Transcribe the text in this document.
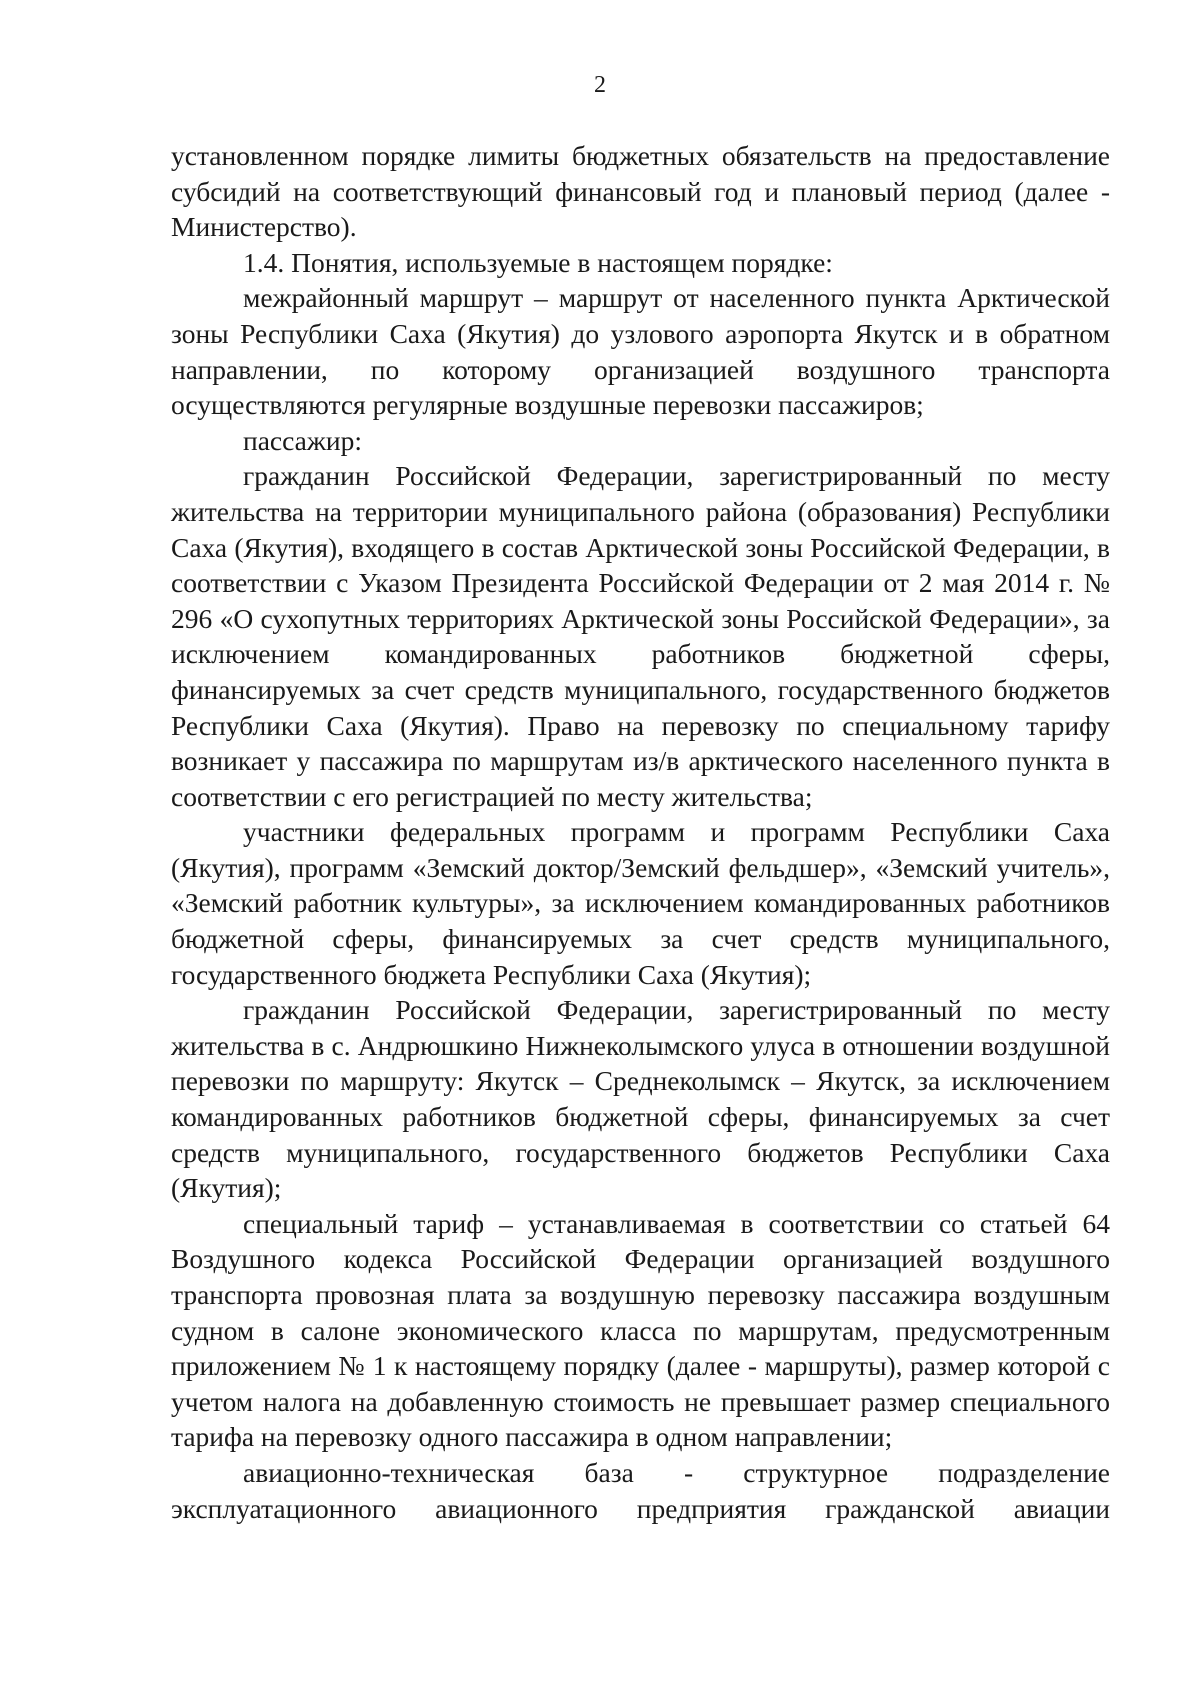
2

установленном порядке лимиты бюджетных обязательств на предоставление субсидий на соответствующий финансовый год и плановый период (далее - Министерство).

1.4. Понятия, используемые в настоящем порядке:

межрайонный маршрут – маршрут от населенного пункта Арктической зоны Республики Саха (Якутия) до узлового аэропорта Якутск и в обратном направлении, по которому организацией воздушного транспорта осуществляются регулярные воздушные перевозки пассажиров;

пассажир:

гражданин Российской Федерации, зарегистрированный по месту жительства на территории муниципального района (образования) Республики Саха (Якутия), входящего в состав Арктической зоны Российской Федерации, в соответствии с Указом Президента Российской Федерации от 2 мая 2014 г. № 296 «О сухопутных территориях Арктической зоны Российской Федерации», за исключением командированных работников бюджетной сферы, финансируемых за счет средств муниципального, государственного бюджетов Республики Саха (Якутия). Право на перевозку по специальному тарифу возникает у пассажира по маршрутам из/в арктического населенного пункта в соответствии с его регистрацией по месту жительства;

участники федеральных программ и программ Республики Саха (Якутия), программ «Земский доктор/Земский фельдшер», «Земский учитель», «Земский работник культуры», за исключением командированных работников бюджетной сферы, финансируемых за счет средств муниципального, государственного бюджета Республики Саха (Якутия);

гражданин Российской Федерации, зарегистрированный по месту жительства в с. Андрюшкино Нижнеколымского улуса в отношении воздушной перевозки по маршруту: Якутск – Среднеколымск – Якутск, за исключением командированных работников бюджетной сферы, финансируемых за счет средств муниципального, государственного бюджетов Республики Саха (Якутия);

специальный тариф – устанавливаемая в соответствии со статьей 64 Воздушного кодекса Российской Федерации организацией воздушного транспорта провозная плата за воздушную перевозку пассажира воздушным судном в салоне экономического класса по маршрутам, предусмотренным приложением № 1 к настоящему порядку (далее - маршруты), размер которой с учетом налога на добавленную стоимость не превышает размер специального тарифа на перевозку одного пассажира в одном направлении;

авиационно-техническая база - структурное подразделение эксплуатационного авиационного предприятия гражданской авиации
